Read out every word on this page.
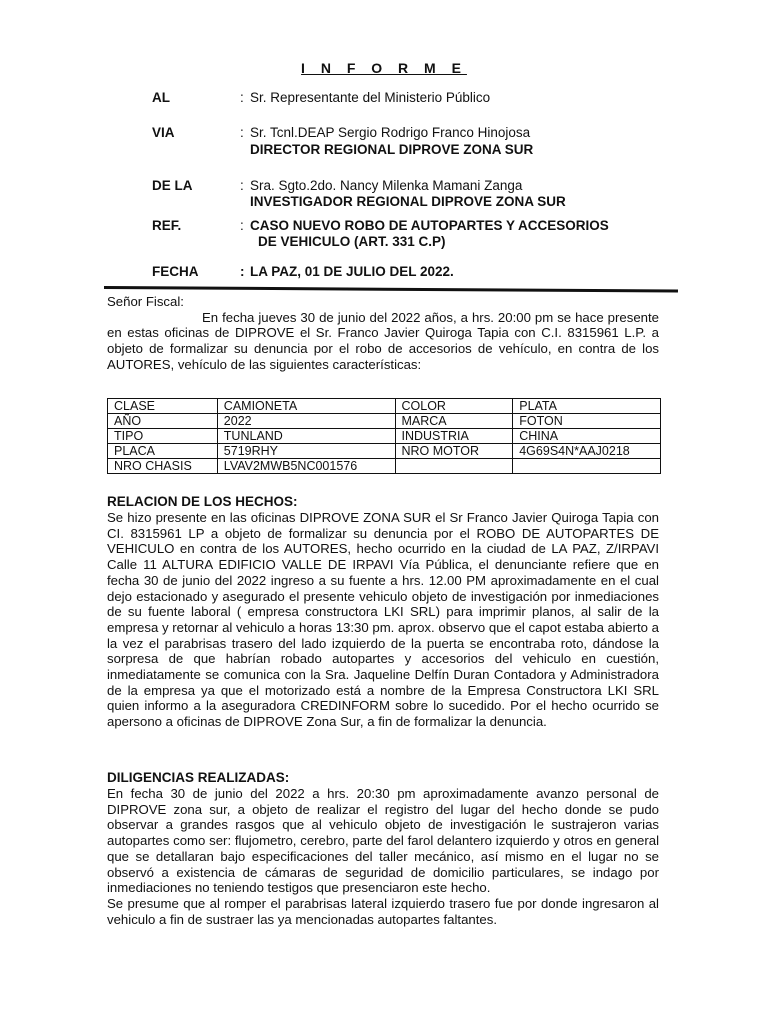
I N F O R M E
AL	: Sr. Representante del Ministerio Público
VIA	: Sr. Tcnl.DEAP Sergio Rodrigo Franco Hinojosa
DIRECTOR REGIONAL DIPROVE ZONA SUR
DE LA	: Sra. Sgto.2do. Nancy Milenka Mamani Zanga
INVESTIGADOR REGIONAL DIPROVE ZONA SUR
REF.	: CASO NUEVO ROBO DE AUTOPARTES Y ACCESORIOS
DE VEHICULO (ART. 331 C.P)
FECHA	: LA PAZ, 01 DE JULIO DEL 2022.

Señor Fiscal:

En fecha jueves 30 de junio del 2022 años, a hrs. 20:00 pm se hace presente en estas oficinas de DIPROVE el Sr. Franco Javier Quiroga Tapia con C.I. 8315961 L.P. a objeto de formalizar su denuncia por el robo de accesorios de vehículo, en contra de los AUTORES, vehículo de las siguientes características:

CLASE	CAMIONETA	COLOR	PLATA
AÑO	2022	MARCA	FOTON
TIPO	TUNLAND	INDUSTRIA	CHINA
PLACA	5719RHY	NRO MOTOR	4G69S4N*AAJ0218
NRO CHASIS	LVAV2MWB5NC001576		
RELACION DE LOS HECHOS:

Se hizo presente en las oficinas DIPROVE ZONA SUR el Sr Franco Javier Quiroga Tapia con CI. 8315961 LP a objeto de formalizar su denuncia por el ROBO DE AUTOPARTES DE VEHICULO en contra de los AUTORES, hecho ocurrido en la ciudad de LA PAZ, Z/IRPAVI Calle 11 ALTURA EDIFICIO VALLE DE IRPAVI Vía Pública, el denunciante refiere que en fecha 30 de junio del 2022 ingreso a su fuente a hrs. 12.00 PM aproximadamente en el cual dejo estacionado y asegurado el presente vehiculo objeto de investigación por inmediaciones de su fuente laboral ( empresa constructora LKI SRL) para imprimir planos, al salir de la empresa y retornar al vehiculo a horas 13:30 pm. aprox. observo que el capot estaba abierto a la vez el parabrisas trasero del lado izquierdo de la puerta se encontraba roto, dándose la sorpresa de que habrían robado autopartes y accesorios del vehiculo en cuestión, inmediatamente se comunica con la Sra. Jaqueline Delfín Duran Contadora y Administradora de la empresa ya que el motorizado está a nombre de la Empresa Constructora LKI SRL quien informo a la aseguradora CREDINFORM sobre lo sucedido. Por el hecho ocurrido se apersono a oficinas de DIPROVE Zona Sur, a fin de formalizar la denuncia.

DILIGENCIAS REALIZADAS:

En fecha 30 de junio del 2022 a hrs. 20:30 pm aproximadamente avanzo personal de DIPROVE zona sur, a objeto de realizar el registro del lugar del hecho donde se pudo observar a grandes rasgos que al vehiculo objeto de investigación le sustrajeron varias autopartes como ser: flujometro, cerebro, parte del farol delantero izquierdo y otros en general que se detallaran bajo especificaciones del taller mecánico, así mismo en el lugar no se observó a existencia de cámaras de seguridad de domicilio particulares, se indago por inmediaciones no teniendo testigos que presenciaron este hecho.

Se presume que al romper el parabrisas lateral izquierdo trasero fue por donde ingresaron al vehiculo a fin de sustraer las ya mencionadas autopartes faltantes.
